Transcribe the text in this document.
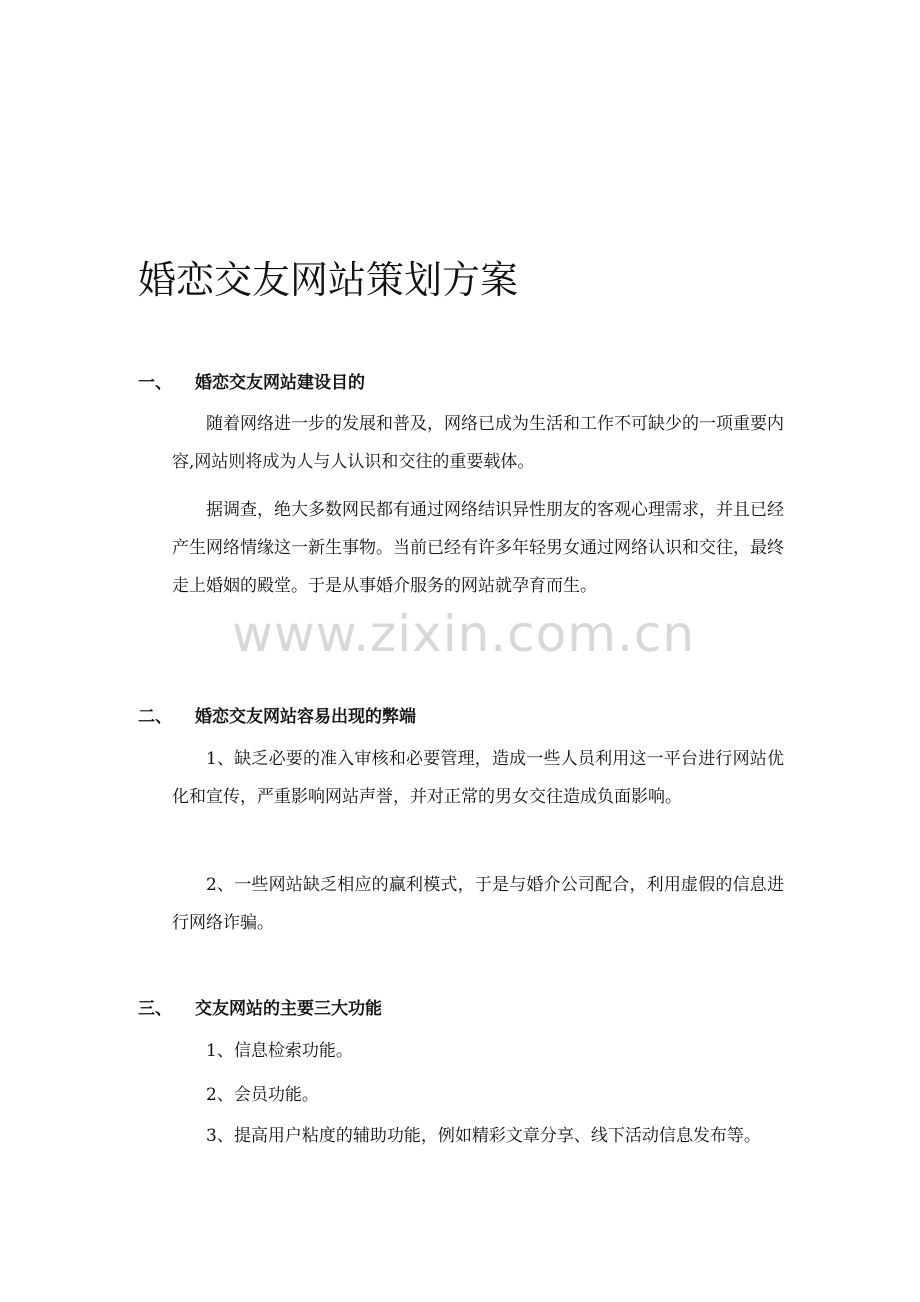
婚恋交友网站策划方案
一、 婚恋交友网站建设目的

随着网络进一步的发展和普及，网络已成为生活和工作不可缺少的一项重要内容,网站则将成为人与人认识和交往的重要载体。

据调查，绝大多数网民都有通过网络结识异性朋友的客观心理需求，并且已经产生网络情缘这一新生事物。当前已经有许多年轻男女通过网络认识和交往，最终走上婚姻的殿堂。于是从事婚介服务的网站就孕育而生。

二、 婚恋交友网站容易出现的弊端

1、缺乏必要的准入审核和必要管理，造成一些人员利用这一平台进行网站优化和宣传，严重影响网站声誉，并对正常的男女交往造成负面影响。

2、一些网站缺乏相应的赢利模式，于是与婚介公司配合，利用虚假的信息进行网络诈骗。

三、 交友网站的主要三大功能

1、信息检索功能。

2、会员功能。

3、提高用户粘度的辅助功能，例如精彩文章分享、线下活动信息发布等。

www.zixin.com.cn
